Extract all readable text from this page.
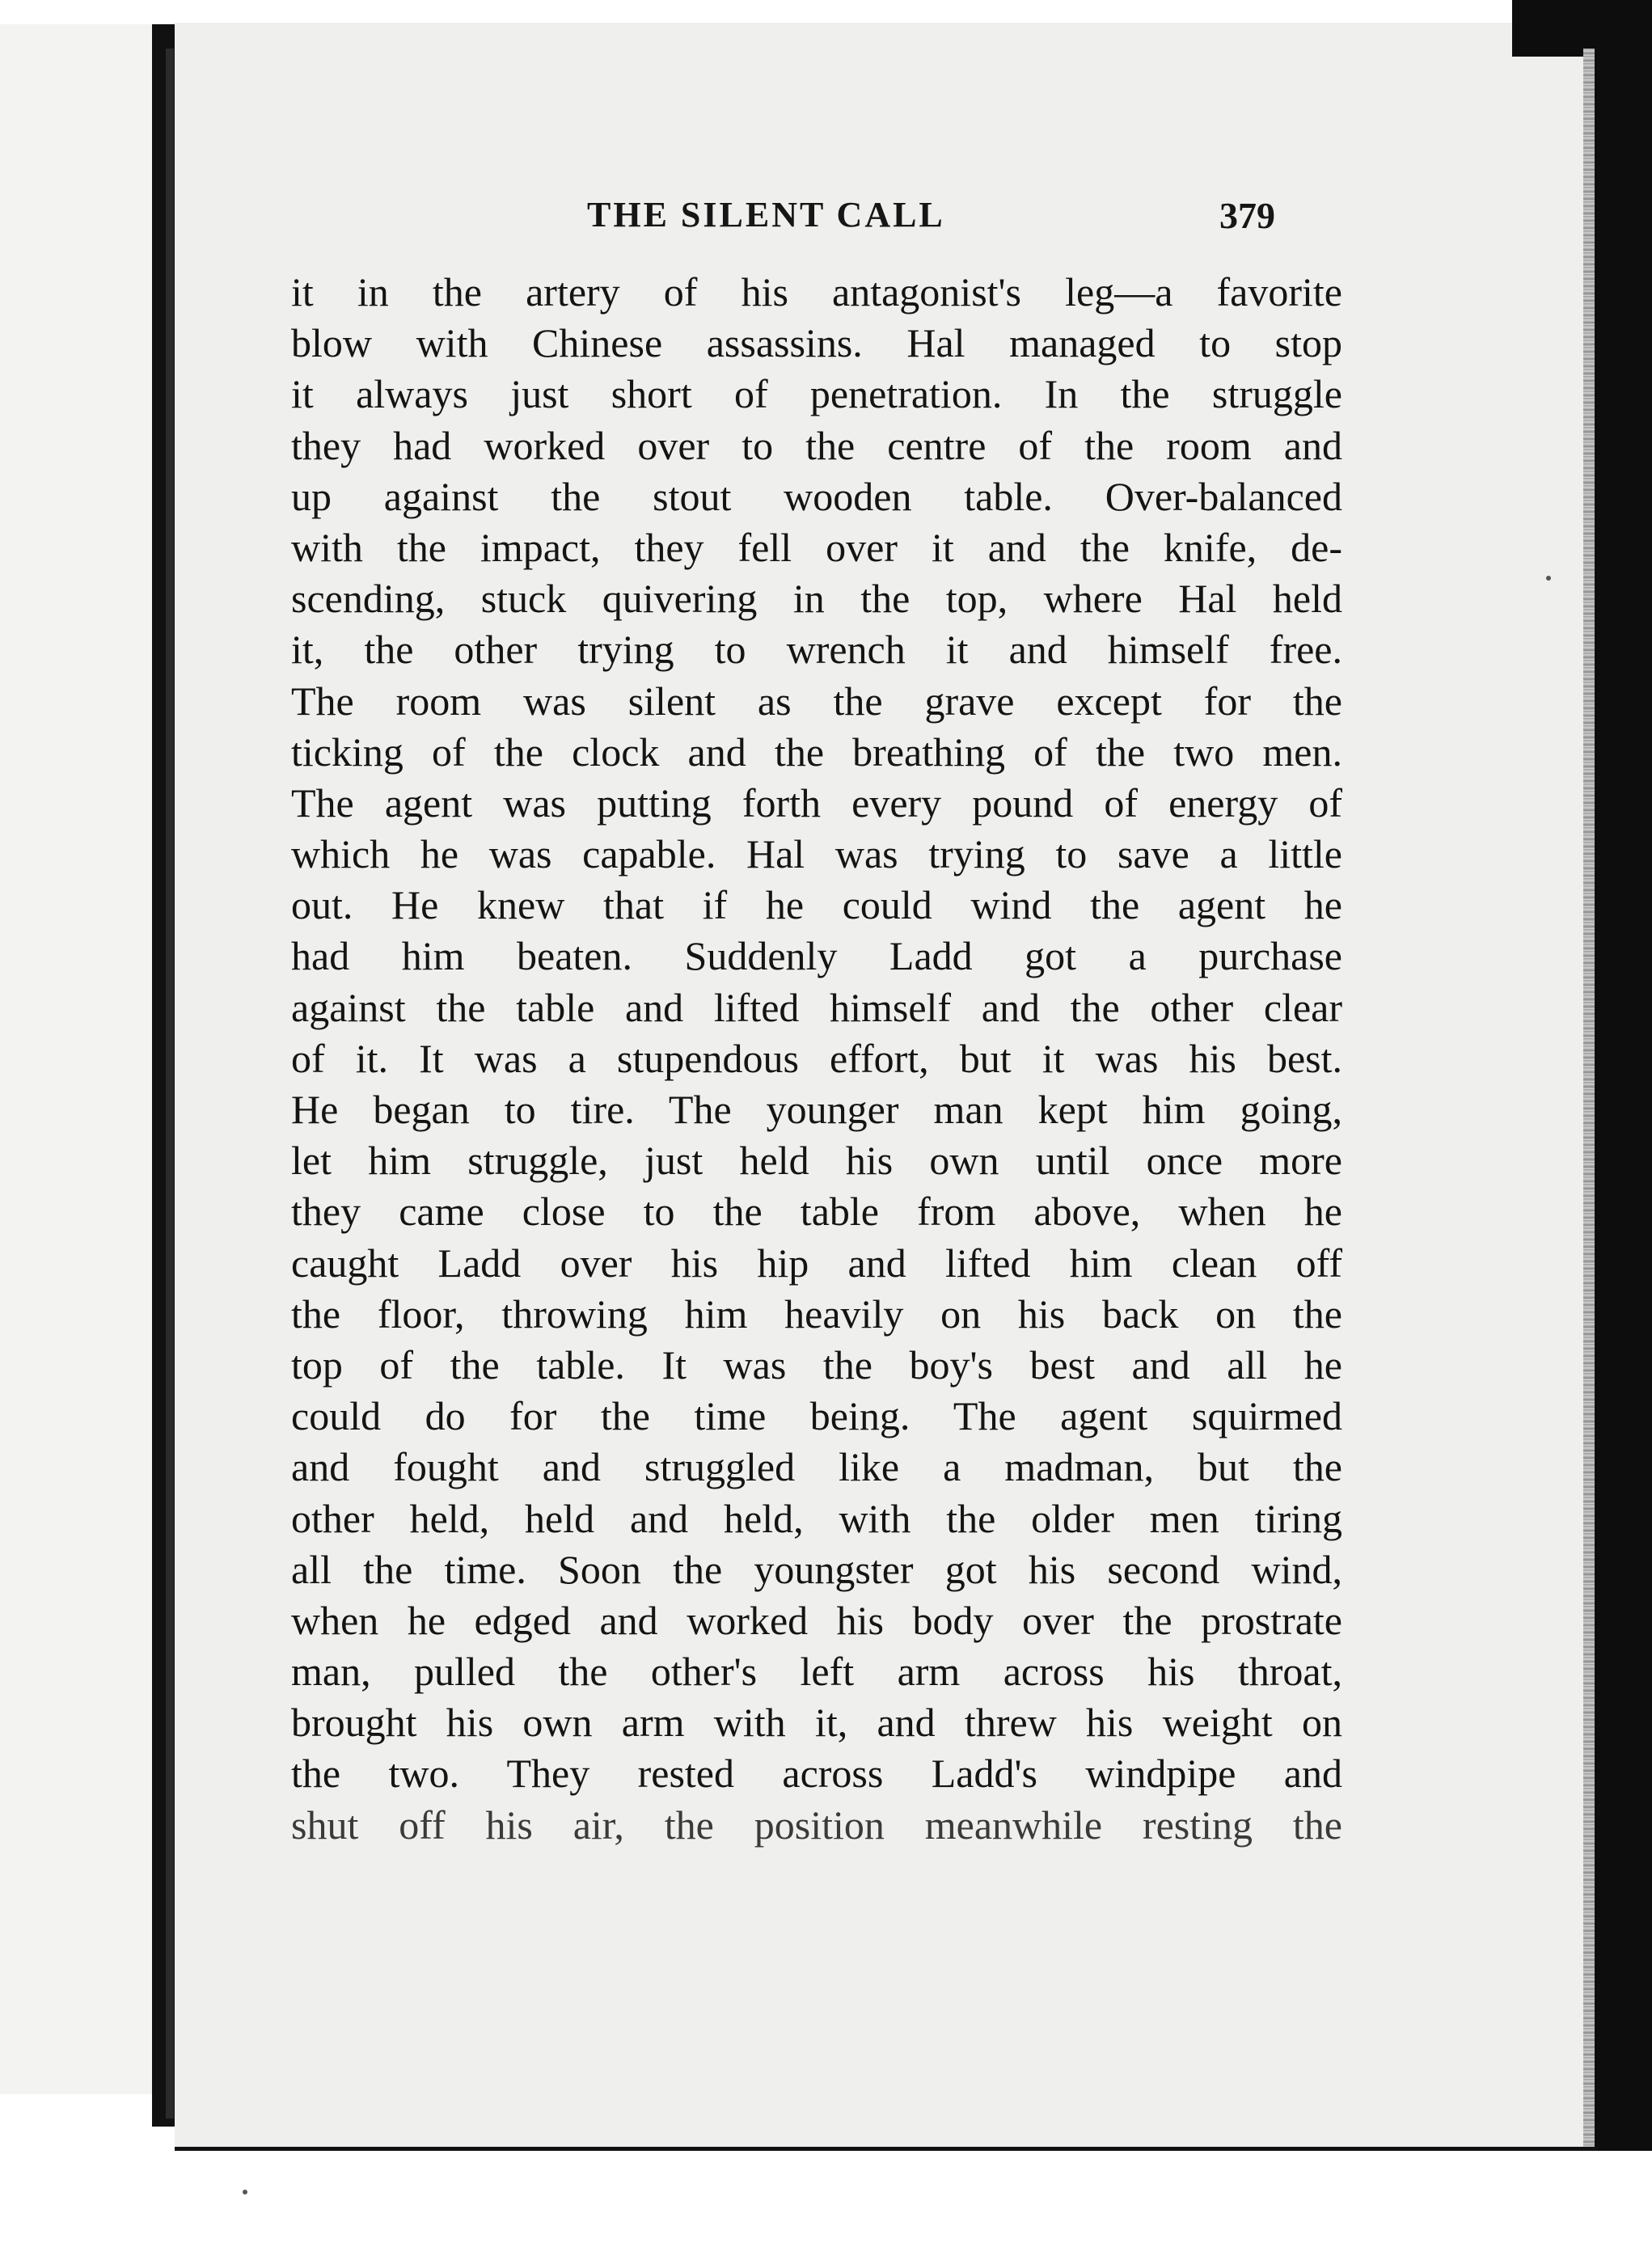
THE SILENT CALL	379
it in the artery of his antagonist's leg—a favorite
blow with Chinese assassins. Hal managed to stop
it always just short of penetration. In the struggle
they had worked over to the centre of the room and
up against the stout wooden table. Over-balanced
with the impact, they fell over it and the knife, de-
scending, stuck quivering in the top, where Hal held
it, the other trying to wrench it and himself free.
The room was silent as the grave except for the
ticking of the clock and the breathing of the two men.
The agent was putting forth every pound of energy of
which he was capable. Hal was trying to save a little
out. He knew that if he could wind the agent he
had him beaten. Suddenly Ladd got a purchase
against the table and lifted himself and the other clear
of it. It was a stupendous effort, but it was his best.
He began to tire. The younger man kept him going,
let him struggle, just held his own until once more
they came close to the table from above, when he
caught Ladd over his hip and lifted him clean off
the floor, throwing him heavily on his back on the
top of the table. It was the boy's best and all he
could do for the time being. The agent squirmed
and fought and struggled like a madman, but the
other held, held and held, with the older men tiring
all the time. Soon the youngster got his second wind,
when he edged and worked his body over the prostrate
man, pulled the other's left arm across his throat,
brought his own arm with it, and threw his weight on
the two. They rested across Ladd's windpipe and
shut off his air, the position meanwhile resting the
